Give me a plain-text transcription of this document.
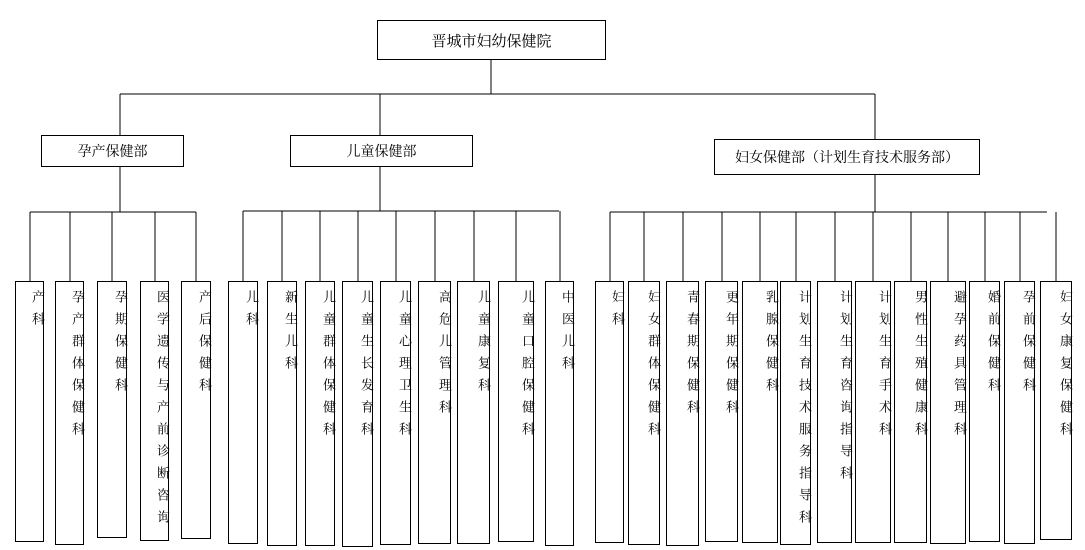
晋城市妇幼保健院
孕产保健部	儿童保健部	妇女保健部（计划生育技术服务部）
产科	孕产群体保健科	孕期保健科	医学遗传与产前诊断咨询	产后保健科	儿科	新生儿科	儿童群体保健科	儿童生长发育科	儿童心理卫生科	高危儿管理科	儿童康复科	儿童口腔保健科	中医儿科	妇科	妇女群体保健科	青春期保健科	更年期保健科	乳腺保健科	计划生育技术服务指导科	计划生育咨询指导科	计划生育手术科	男性生殖健康科	避孕药具管理科	婚前保健科	孕前保健科	妇女康复保健科
